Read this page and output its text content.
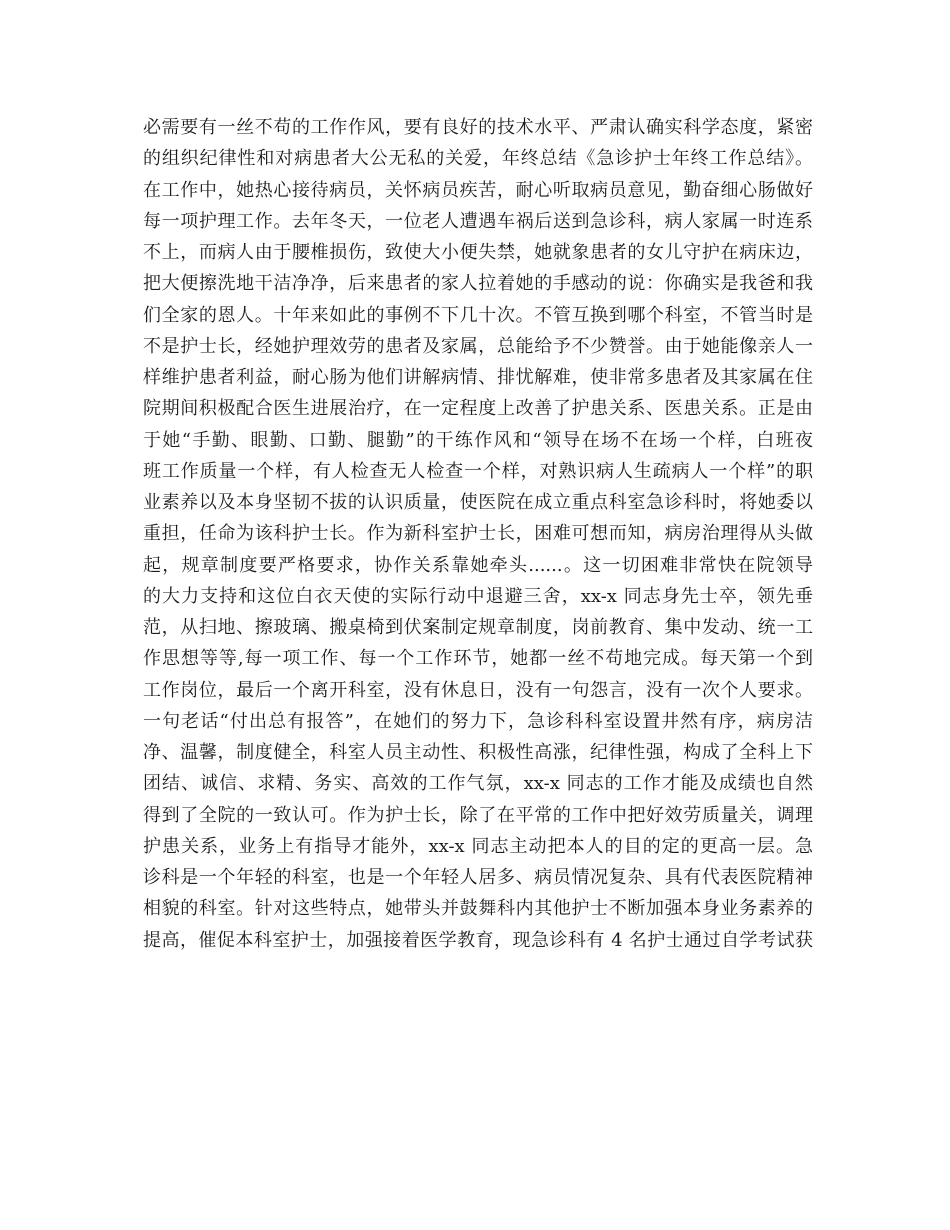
必需要有一丝不苟的工作作风，要有良好的技术水平、严肃认确实科学态度，紧密
的组织纪律性和对病患者大公无私的关爱，年终总结《急诊护士年终工作总结》。
在工作中，她热心接待病员，关怀病员疾苦，耐心听取病员意见，勤奋细心肠做好
每一项护理工作。去年冬天，一位老人遭遇车祸后送到急诊科，病人家属一时连系
不上，而病人由于腰椎损伤，致使大小便失禁，她就象患者的女儿守护在病床边，
把大便擦洗地干洁净净，后来患者的家人拉着她的手感动的说：你确实是我爸和我
们全家的恩人。十年来如此的事例不下几十次。不管互换到哪个科室，不管当时是
不是护士长，经她护理效劳的患者及家属，总能给予不少赞誉。由于她能像亲人一
样维护患者利益，耐心肠为他们讲解病情、排忧解难，使非常多患者及其家属在住
院期间积极配合医生进展治疗，在一定程度上改善了护患关系、医患关系。正是由
于她“手勤、眼勤、口勤、腿勤”的干练作风和“领导在场不在场一个样，白班夜
班工作质量一个样，有人检查无人检查一个样，对熟识病人生疏病人一个样”的职
业素养以及本身坚韧不拔的认识质量，使医院在成立重点科室急诊科时，将她委以
重担，任命为该科护士长。作为新科室护士长，困难可想而知，病房治理得从头做
起，规章制度要严格要求，协作关系靠她牵头......。这一切困难非常快在院领导
的大力支持和这位白衣天使的实际行动中退避三舍，xx-x 同志身先士卒，领先垂
范，从扫地、擦玻璃、搬桌椅到伏案制定规章制度，岗前教育、集中发动、统一工
作思想等等,每一项工作、每一个工作环节，她都一丝不苟地完成。每天第一个到
工作岗位，最后一个离开科室，没有休息日，没有一句怨言，没有一次个人要求。
一句老话“付出总有报答”，在她们的努力下，急诊科科室设置井然有序，病房洁
净、温馨，制度健全，科室人员主动性、积极性高涨，纪律性强，构成了全科上下
团结、诚信、求精、务实、高效的工作气氛，xx-x 同志的工作才能及成绩也自然
得到了全院的一致认可。作为护士长，除了在平常的工作中把好效劳质量关，调理
护患关系，业务上有指导才能外，xx-x 同志主动把本人的目的定的更高一层。急
诊科是一个年轻的科室，也是一个年轻人居多、病员情况复杂、具有代表医院精神
相貌的科室。针对这些特点，她带头并鼓舞科内其他护士不断加强本身业务素养的
提高，催促本科室护士，加强接着医学教育，现急诊科有 4 名护士通过自学考试获
